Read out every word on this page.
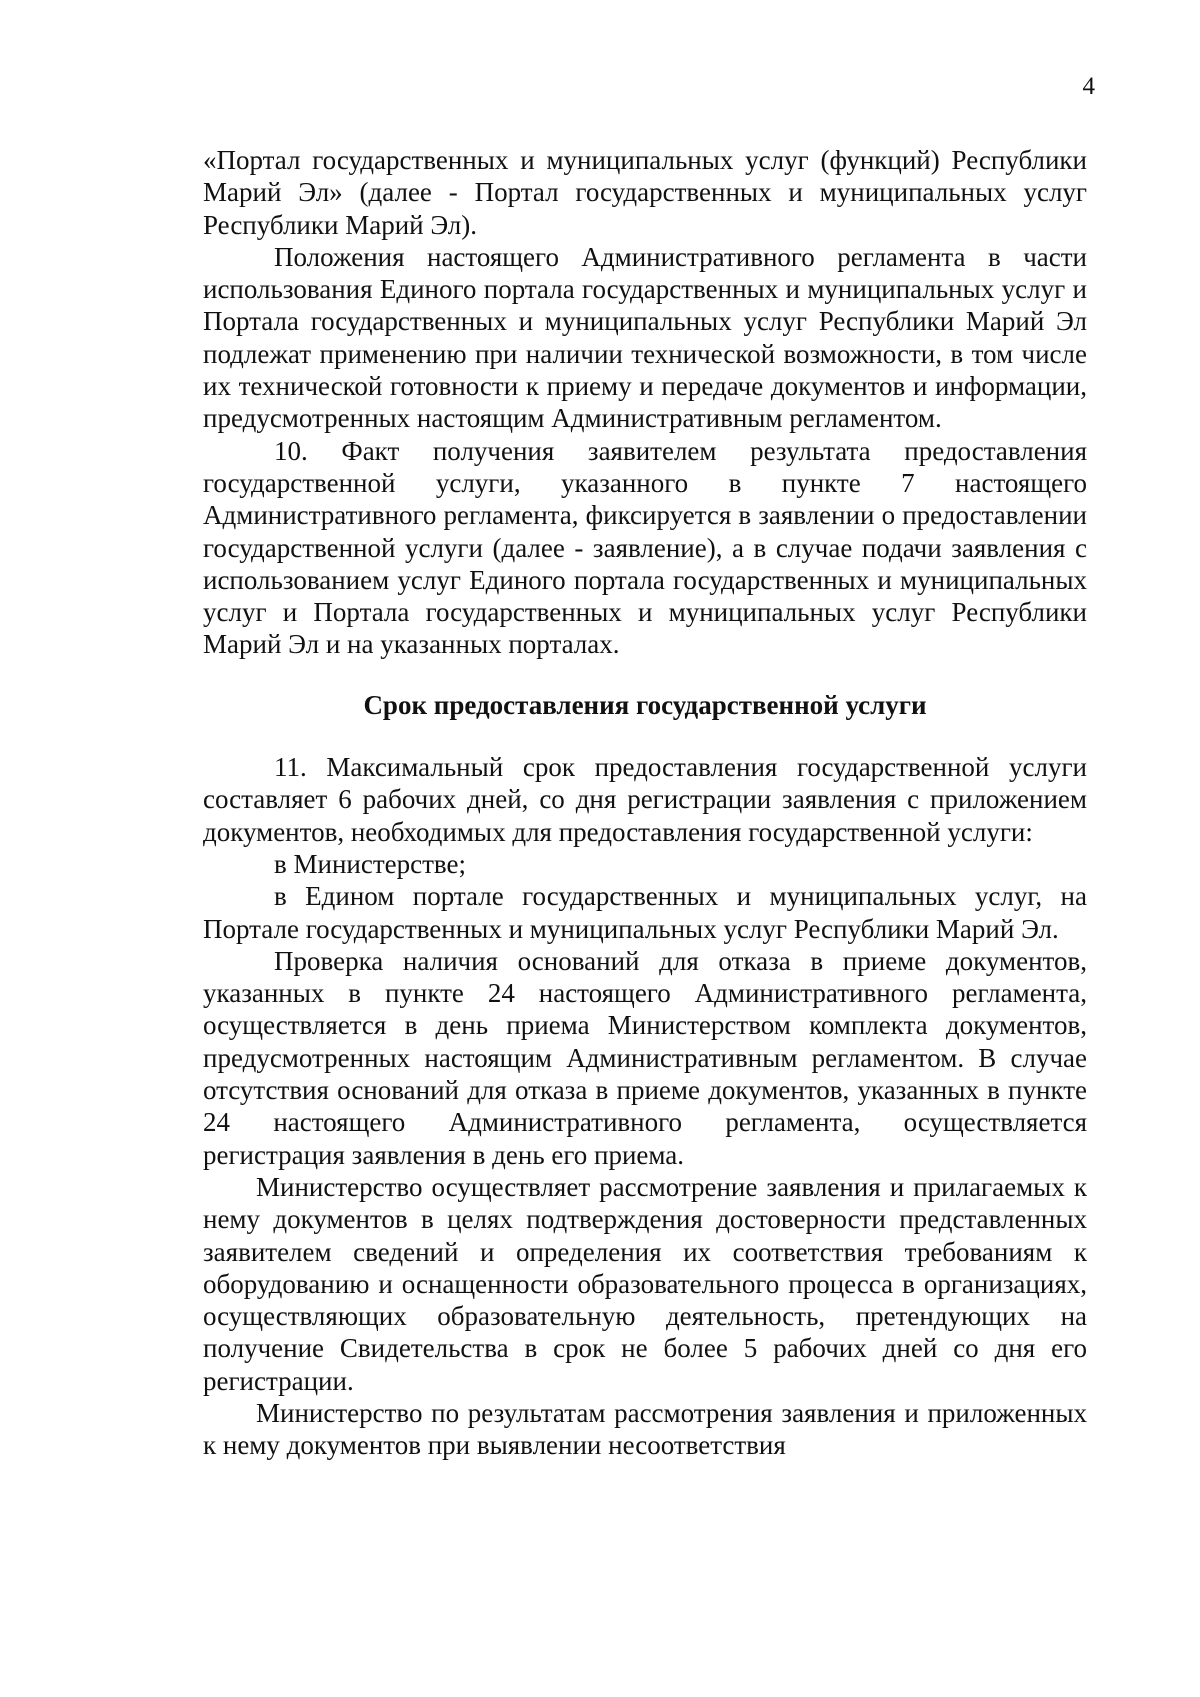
4

«Портал государственных и муниципальных услуг (функций) Республики Марий Эл» (далее - Портал государственных и муниципальных услуг Республики Марий Эл).

Положения настоящего Административного регламента в части использования Единого портала государственных и муниципальных услуг и Портала государственных и муниципальных услуг Республики Марий Эл подлежат применению при наличии технической возможности, в том числе их технической готовности к приему и передаче документов и информации, предусмотренных настоящим Административным регламентом.

10. Факт получения заявителем результата предоставления государственной услуги, указанного в пункте 7 настоящего Административного регламента, фиксируется в заявлении о предоставлении государственной услуги (далее - заявление), а в случае подачи заявления с использованием услуг Единого портала государственных и муниципальных услуг и Портала государственных и муниципальных услуг Республики Марий Эл и на указанных порталах.

Срок предоставления государственной услуги

11. Максимальный срок предоставления государственной услуги составляет 6 рабочих дней, со дня регистрации заявления с приложением документов, необходимых для предоставления государственной услуги:

в Министерстве;

в Едином портале государственных и муниципальных услуг, на Портале государственных и муниципальных услуг Республики Марий Эл.

Проверка наличия оснований для отказа в приеме документов, указанных в пункте 24 настоящего Административного регламента, осуществляется в день приема Министерством комплекта документов, предусмотренных настоящим Административным регламентом. В случае отсутствия оснований для отказа в приеме документов, указанных в пункте 24 настоящего Административного регламента, осуществляется регистрация заявления в день его приема.

Министерство осуществляет рассмотрение заявления и прилагаемых к нему документов в целях подтверждения достоверности представленных заявителем сведений и определения их соответствия требованиям к оборудованию и оснащенности образовательного процесса в организациях, осуществляющих образовательную деятельность, претендующих на получение Свидетельства в срок не более 5 рабочих дней со дня его регистрации.

Министерство по результатам рассмотрения заявления и приложенных к нему документов при выявлении несоответствия
